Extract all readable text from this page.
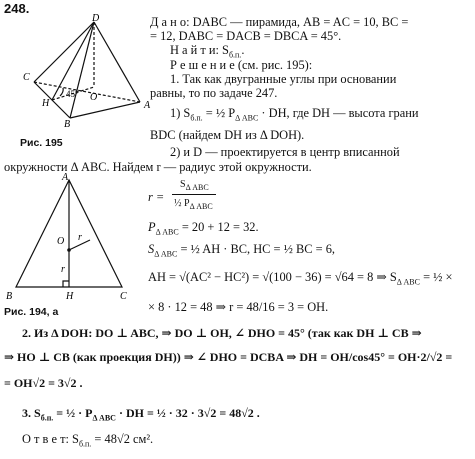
248.
D
C
H
O
A
B
45°
Рис. 195
Д а н о: DABC — пирамида, AB = AC = 10, BC =
= 12, DABC = DACB = DBCA = 45°.
Н а й т и: $S_{б.п.}$.
Р е ш е н и е (см. рис. 195):
1. Так как двугранные углы при основании
равны, то по задаче 247.
1) $S_{б.п.}$ = ½ $P_{\Delta ABC}$ · DH, где DH — высота грани
BDC (найдем DH из Δ DOH).
2) и D — проектируется в центр вписанной
окружности Δ ABC. Найдем r — радиус этой окружности.
A
O r
r
B	H	C
Рис. 194, а
r =
$S_{\Delta ABC}$
½ $P_{\Delta ABC}$
$P_{\Delta ABC} = 20 + 12 = 32$.
$S_{\Delta ABC}$ = ½ AH · BC, HC = ½ BC = 6,
AH = √(AC² − HC²) = √(100 − 36) = √64 = 8 ⇒ $S_{\Delta ABC}$ = ½ ×
× 8 · 12 = 48 ⇒ r = 48/16 = 3 = OH.
2. Из Δ DOH: DO ⊥ ABC, ⇒ DO ⊥ OH, ∠ DHO = 45° (так как DH ⊥ CB ⇒
⇒ HO ⊥ CB (как проекция DH)) ⇒ ∠ DHO = DCBA ⇒ DH = OH/cos45° = OH·2/√2 =
= OH√2 = 3√2 .
3. $S_{б.п.}$ = ½ · $P_{\Delta ABC}$ · DH = ½ · 32 · 3√2 = 48√2 .
О т в е т: $S_{б.п.} = 48√2$ см².
